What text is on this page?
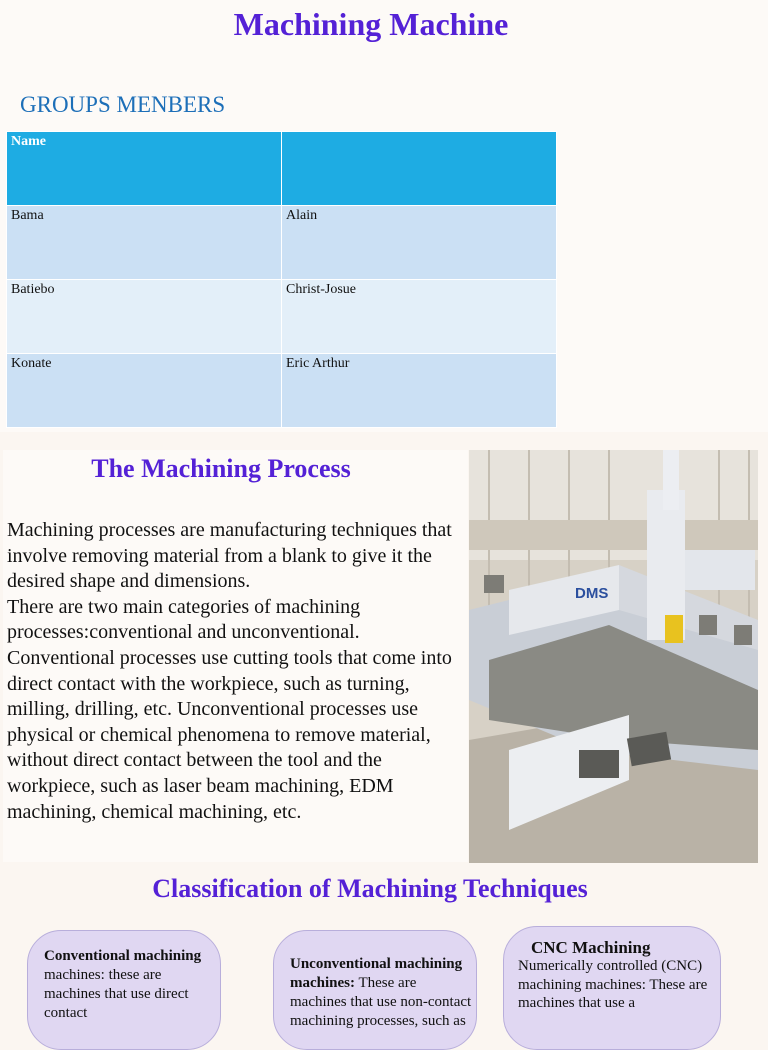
Machining Machine
GROUPS MENBERS
Name	
Bama	Alain
Batiebo	Christ-Josue
Konate	Eric Arthur
The Machining Process

Machining processes are manufacturing techniques that involve removing material from a blank to give it the desired shape and dimensions.
There are two main categories of machining processes:conventional and unconventional. Conventional processes use cutting tools that come into direct contact with the workpiece, such as turning, milling, drilling, etc. Unconventional processes use physical or chemical phenomena to remove material, without direct contact between the tool and the workpiece, such as laser beam machining, EDM machining, chemical machining, etc.

DMS
Classification of Machining Techniques

Conventional machining machines: these are machines that use direct contact

Unconventional machining machines: These are machines that use non-contact machining processes, such as

CNC Machining

Numerically controlled (CNC) machining machines: These are machines that use a
